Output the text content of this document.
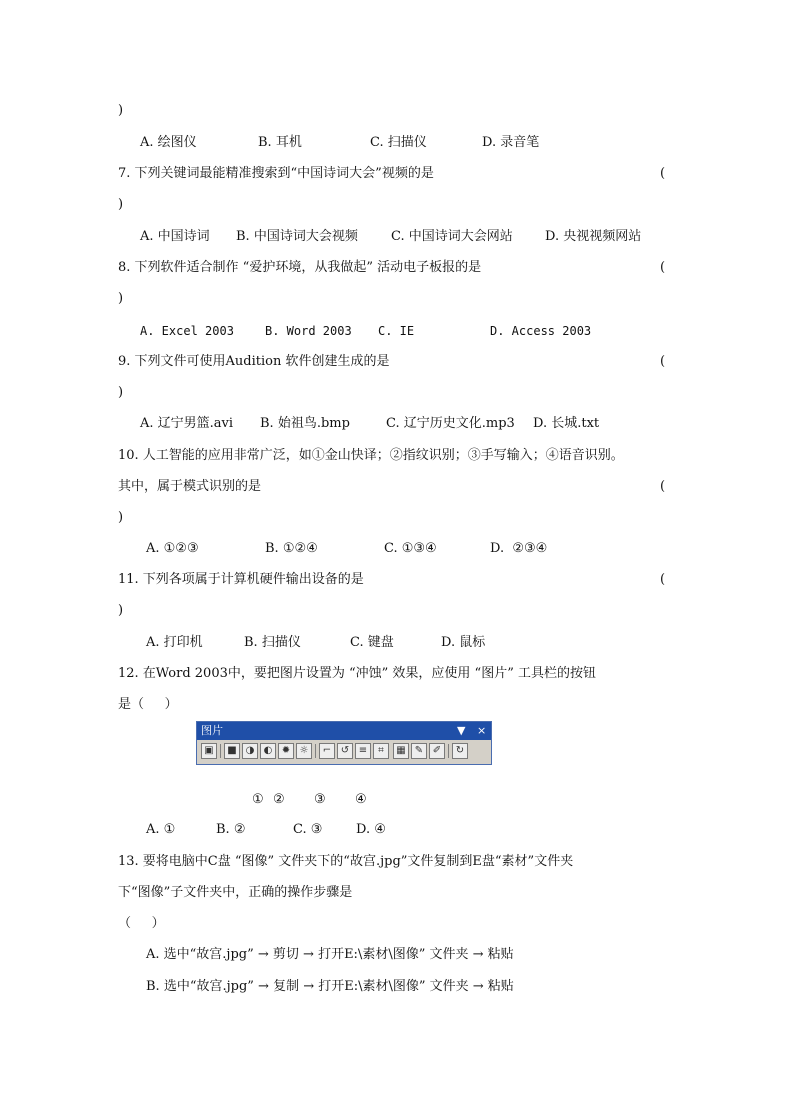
)
A. 绘图仪	B. 耳机	C. 扫描仪	D. 录音笔
7. 下列关键词最能精准搜索到“中国诗词大会”视频的是	(
)
A. 中国诗词 B. 中国诗词大会视频	C. 中国诗词大会网站 D. 央视视频网站
8. 下列软件适合制作 “爱护环境，从我做起” 活动电子板报的是	(
)
A. Excel 2003	B. Word 2003 C. IE	D. Access 2003
9. 下列文件可使用Audition 软件创建生成的是	(
)
A. 辽宁男篮.avi B. 始祖鸟.bmp	C. 辽宁历史文化.mp3 D. 长城.txt
10. 人工智能的应用非常广泛，如①金山快译；②指纹识别；③手写输入；④语音识别。
其中，属于模式识别的是	(
)
A. ①②③	B. ①②④	C. ①③④	D.  ②③④
11. 下列各项属于计算机硬件输出设备的是	(
)
A. 打印机	B. 扫描仪	C. 键盘	D. 鼠标
12. 在Word 2003中，要把图片设置为 “冲蚀” 效果，应使用 “图片” 工具栏的按钮
是（     ）
图片	▼ ×
▣	■ ◑ ◐ ✹ ☼	⌐ ↺ ≡	⌗	▦ ✎ ✐	↻
① ② ③ ④
A. ①	B. ②	C. ③	D. ④
13. 要将电脑中C盘 “图像” 文件夹下的“故宫.jpg”文件复制到E盘“素材”文件夹
下“图像”子文件夹中，正确的操作步骤是
（     ）
A. 选中“故宫.jpg” → 剪切 → 打开E:\素材\图像” 文件夹 → 粘贴
B. 选中“故宫.jpg” → 复制 → 打开E:\素材\图像” 文件夹 → 粘贴
